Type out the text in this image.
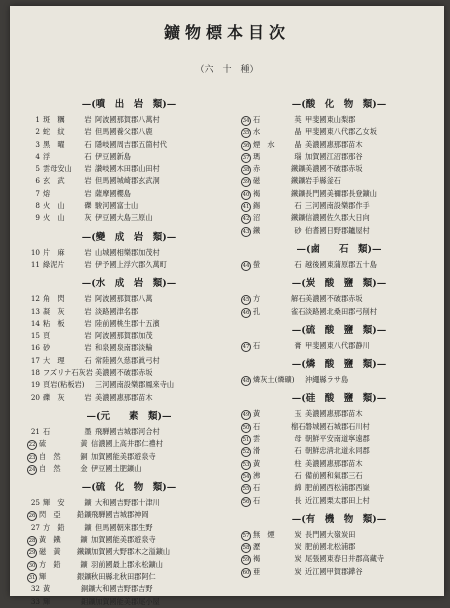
鑛物標本目次
（六　十　種）
—(噴　出　岩　類)—
1 斑　糲	岩 阿波國那賀郡八萬村
2 蛇　紋	岩 但馬國養父郡八鹿
3 黑　曜	石 隱岐國周吉郡五箇村代
4 浮	石 伊豆國新島
5 雲母安山	岩 讃岐國木田郡山田村
6 玄　武	岩 但馬國城崎郡玄武洞
7 熔	岩 薩摩國櫻島
8 火　山	礫 駿河國富士山
9 火　山	灰 伊豆國大島三原山
—(變　成　岩　類)—
10 片　麻	岩 山城國相樂郡加茂村
11 綠泥片	岩 伊予國上浮穴郡久萬町
—(水　成　岩　類)—
12 角　閃	岩 阿波國那賀郡八萬
13 凝　灰	岩 淡路國津名郡
14 粘　板	岩 陸前國桃生郡十五濱
15 頁	岩 阿波國那賀郡加茂
16 砂	岩 和泉國泉南郡淡輪
17 大　理	石 常陸國久慈郡眞弓村
18 フズリナ石灰岩 美濃國不破郡赤坂
19 頁岩(粘板岩) 三河國南設樂郡鳳來寺山
20 礫　灰	岩 美濃國惠那郡苗木
—(元　　素　類)—
21 石	墨 飛騨國吉城郡河合村
22 硫	黃 信濃國上高井郡仁禮村
23 自　然	銅 加賀國能美郡遊泉寺
24 自　然	金 伊豆國土肥鑛山
—(硫　化　物　類)—
25 輝　安	鑛 大和國吉野郡十津川
26 閃　亞	鉛鑛 飛騨國吉城郡神岡
27 方　鉛	鑛 但馬國朝來郡生野
28 黃　鐵	鑛 加賀國能美郡遊泉寺
29 磁　黃	鐵鑛 加賀國大野郡木之溢鑛山
30 方　鉛	鑛 羽前國最上郡永松鑛山
31 輝	銀鑛 秋田縣北秋田郡阿仁
32 黃	銅鑛 大和國吉野郡吉野
33 輝	鉬鑛 加賀國能美郡尾小屋
—(酸　化　物　類)—
34 石	英 甲斐國東山梨郡
35 水	晶 甲斐國東八代郡乙女坂
36 煙　水	晶 美濃國惠那郡苗木
37 瑪	瑙 加賀國江沼郡那谷
38 赤	鐵鑛 美濃國不破郡赤坂
39 磁	鐵鑛 岩手縣釜石
40 褐	鐵鑛 長門國美禰郡長登鑛山
41 錫	石 三河國南設樂郡作手
42 沼	鐵鑛 信濃國佐久郡大日向
43 鐵	砂 伯耆國日野郡鑪屋村
—(鹵　　石　類)—
44 螢	石 越後國東蒲原郡五十島
—(炭　酸　鹽　類)—
45 方	解石 美濃國不破郡赤坂
46 孔	雀石 淡路國北桑田郡弓削村
—(硫　酸　鹽　類)—
47 石	膏 甲斐國東八代郡静川
—(燐　酸　鹽　類)—
48 燐灰土(燐礦) 沖繩縣ラサ島
—(硅　酸　鹽　類)—
49 黃	玉 美濃國惠那郡苗木
50 石	榴石 磐城國石城郡石川村
51 雲	母 朝鮮平安南道寧遠郡
52 滑	石 朝鮮忠淸北道永同郡
53 黃	柱 美濃國惠那郡苗木
54 沸	石 備前國和氣郡三石
55 石	綿 肥前國西松浦郡西嶽
56 石	長 近江國栗太郡田上村
—(有　機　物　類)—
57 無　煙	炭 長門國大嶺炭田
58 瀝	炭 肥前國北松浦郡
59 褐	炭 尾張國東春日井郡高藏寺
60 亜	炭 近江國甲賀郡鏵谷
